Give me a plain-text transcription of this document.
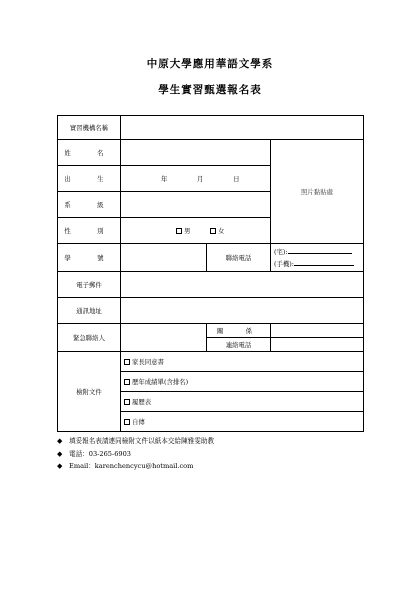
中原大學應用華語文學系
學生實習甄選報名表
實習機構名稱			
姓　名			照片黏貼處
出　生	年 月 日		
系　級			
性　別	男 女		
學　號		聯絡電話	(宅):
(手機):

電子郵件			
通訊地址			
緊急聯絡人		關　係	
		連絡電話	
檢附文件	家長同意書		
	歷年成績單(含排名)		
	履歷表		
	自傳		
◆ 填妥報名表請連同檢附文件以紙本交給陳雅雯助教
◆ 電話：03-265-6903
◆ Email：karenchencycu@hotmail.com
